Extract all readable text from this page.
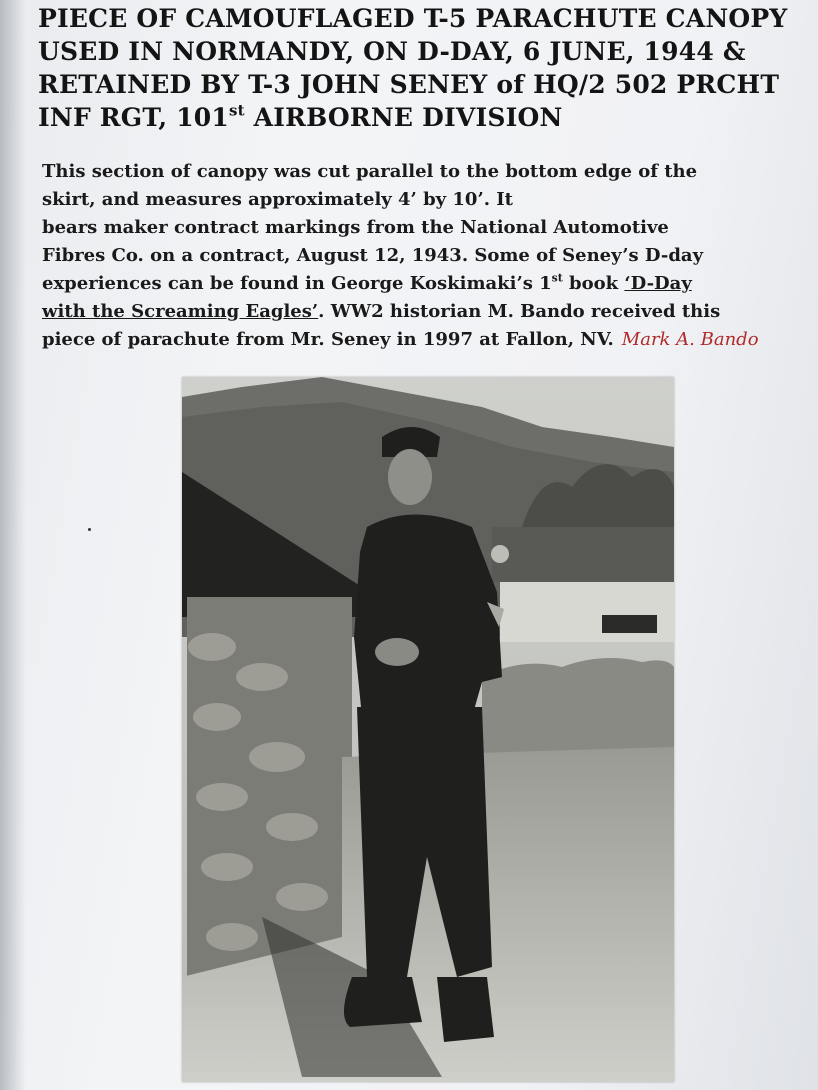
PIECE OF CAMOUFLAGED T-5 PARACHUTE CANOPY
USED IN NORMANDY, ON D-DAY, 6 JUNE, 1944 &
RETAINED BY T-3 JOHN SENEY of HQ/2 502 PRCHT
INF RGT, 101st AIRBORNE DIVISION
This section of canopy was cut parallel to the bottom edge of the
skirt, and measures approximately 4’ by 10’. It
bears maker contract markings from the National Automotive
Fibres Co. on a contract, August 12, 1943. Some of Seney’s D-day
experiences can be found in George Koskimaki’s 1st book ‘D-Day
with the Screaming Eagles’. WW2 historian M. Bando received this
piece of parachute from Mr. Seney in 1997 at Fallon, NV. Mark A. Bando
